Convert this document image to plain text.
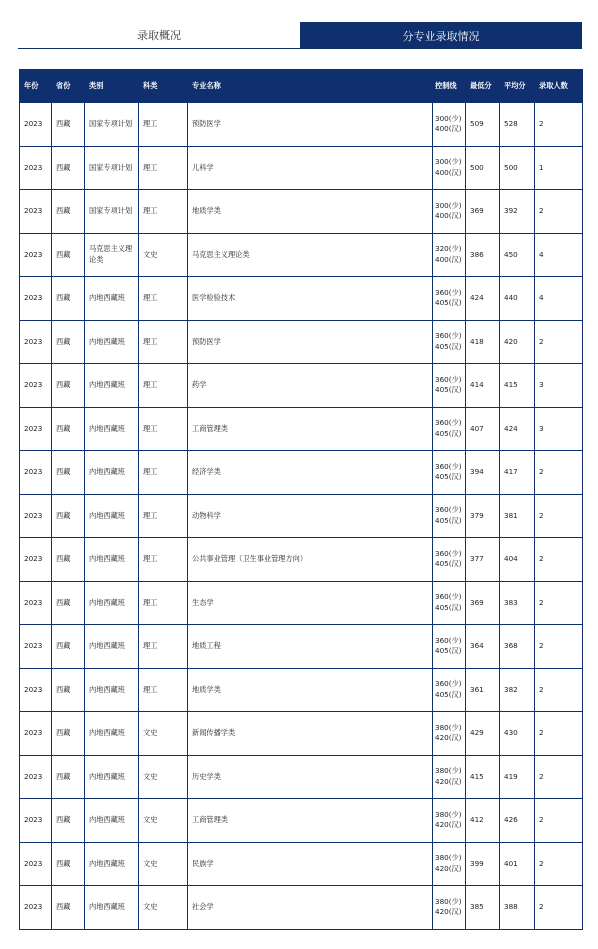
录取概况	分专业录取情况
年份	省份	类别	科类	专业名称	控制线	最低分	平均分	录取人数
2023	西藏	国家专项计划	理工	预防医学	300(少) 400(汉)	509	528	2
2023	西藏	国家专项计划	理工	儿科学	300(少) 400(汉)	500	500	1
2023	西藏	国家专项计划	理工	地质学类	300(少) 400(汉)	369	392	2
2023	西藏	马克思主义理论类	文史	马克思主义理论类	320(少) 400(汉)	386	450	4
2023	西藏	内地西藏班	理工	医学检验技术	360(少) 405(汉)	424	440	4
2023	西藏	内地西藏班	理工	预防医学	360(少) 405(汉)	418	420	2
2023	西藏	内地西藏班	理工	药学	360(少) 405(汉)	414	415	3
2023	西藏	内地西藏班	理工	工商管理类	360(少) 405(汉)	407	424	3
2023	西藏	内地西藏班	理工	经济学类	360(少) 405(汉)	394	417	2
2023	西藏	内地西藏班	理工	动物科学	360(少) 405(汉)	379	381	2
2023	西藏	内地西藏班	理工	公共事业管理（卫生事业管理方向）	360(少) 405(汉)	377	404	2
2023	西藏	内地西藏班	理工	生态学	360(少) 405(汉)	369	383	2
2023	西藏	内地西藏班	理工	地质工程	360(少) 405(汉)	364	368	2
2023	西藏	内地西藏班	理工	地质学类	360(少) 405(汉)	361	382	2
2023	西藏	内地西藏班	文史	新闻传播学类	380(少) 420(汉)	429	430	2
2023	西藏	内地西藏班	文史	历史学类	380(少) 420(汉)	415	419	2
2023	西藏	内地西藏班	文史	工商管理类	380(少) 420(汉)	412	426	2
2023	西藏	内地西藏班	文史	民族学	380(少) 420(汉)	399	401	2
2023	西藏	内地西藏班	文史	社会学	380(少) 420(汉)	385	388	2
